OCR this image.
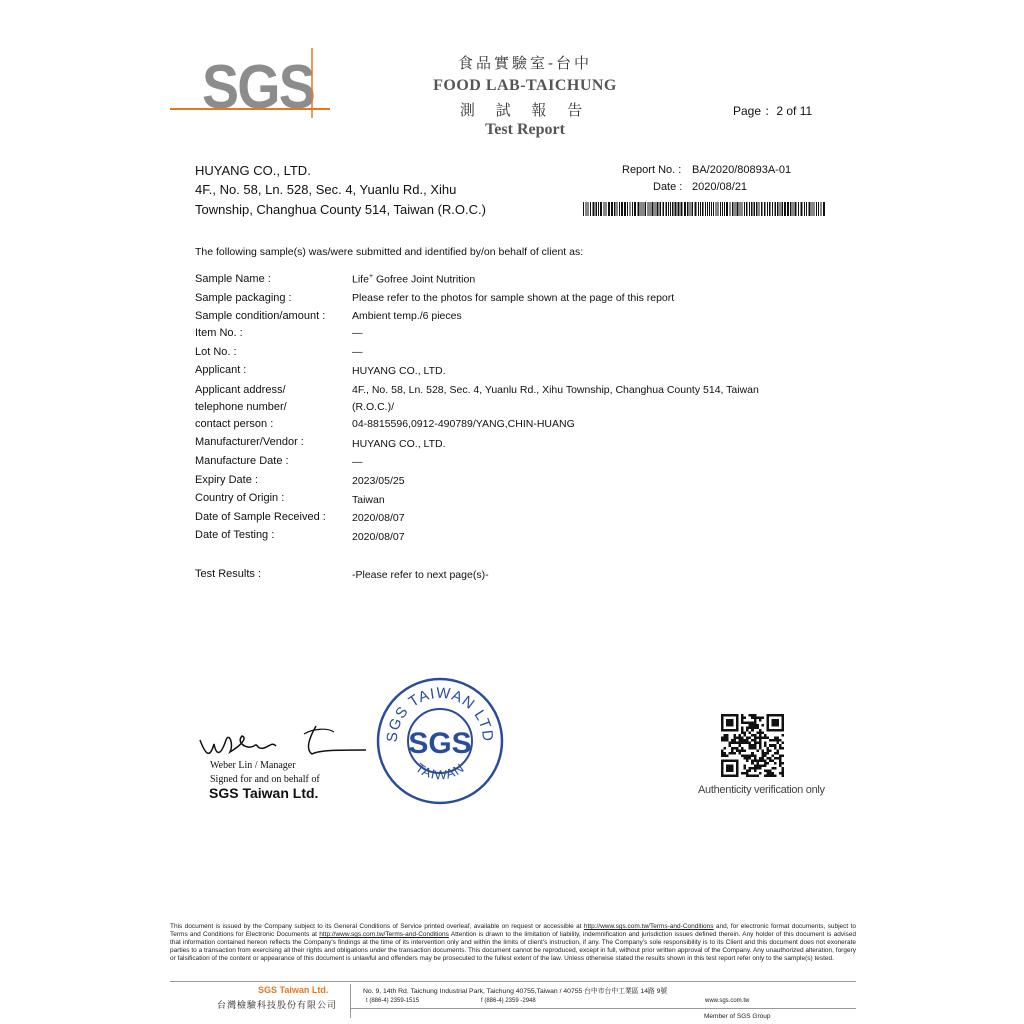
SGS	食品實驗室-台中
FOOD LAB-TAICHUNG
測 試 報 告
Test Report
Page ：2 of 11
HUYANG CO., LTD.
4F., No. 58, Ln. 528, Sec. 4, Yuanlu Rd., Xihu
Township, Changhua County 514, Taiwan (R.O.C.)
Report No. : BA/2020/80893A-01
Date : 2020/08/21
The following sample(s) was/were submitted and identified by/on behalf of client as:
Sample Name :	Life+ Gofree Joint Nutrition
Sample packaging :	Please refer to the photos for sample shown at the page of this report
Sample condition/amount :	Ambient temp./6 pieces
Item No. :	—
Lot No. :	—
Applicant :	HUYANG CO., LTD.
Applicant address/
telephone number/
contact person :
4F., No. 58, Ln. 528, Sec. 4, Yuanlu Rd., Xihu Township, Changhua County 514, Taiwan
(R.O.C.)/
04-8815596,0912-490789/YANG,CHIN-HUANG
Manufacturer/Vendor :	HUYANG CO., LTD.
Manufacture Date :	—
Expiry Date :	2023/05/25
Country of Origin :	Taiwan
Date of Sample Received : 2020/08/07
Date of Testing :	2020/08/07
Test Results :	-Please refer to next page(s)-
Weber Lin / Manager
Signed for and on behalf of
SGS Taiwan Ltd.
SGS TAIWAN LTD
SGS
TAIWAN
Authenticity verification only
This document is issued by the Company subject to its General Conditions of Service printed overleaf, available on request or accessible at http://www.sgs.com.tw/Terms-and-Conditions and, for electronic format documents, subject to Terms and Conditions for Electronic Documents at http://www.sgs.com.tw/Terms-and-Conditions Attention is drawn to the limitation of liability, indemnification and jurisdiction issues defined therein. Any holder of this document is advised that information contained hereon reflects the Company's findings at the time of its intervention only and within the limits of client's instruction, if any. The Company's sole responsibility is to its Client and this document does not exonerate parties to a transaction from exercising all their rights and obligations under the transaction documents. This document cannot be reproduced, except in full, without prior written approval of the Company. Any unauthorized alteration, forgery or falsification of the content or appearance of this document is unlawful and offenders may be prosecuted to the fullest extent of the law. Unless otherwise stated the results shown in this test report refer only to the sample(s) tested.
SGS Taiwan Ltd.
台灣檢驗科技股份有限公司
No. 9, 14th Rd. Taichung Industrial Park, Taichung 40755,Taiwan / 40755 台中市台中工業區 14路 9號
t (886-4) 2359-1515	f (886-4) 2359 -2948	www.sgs.com.tw
Member of SGS Group
